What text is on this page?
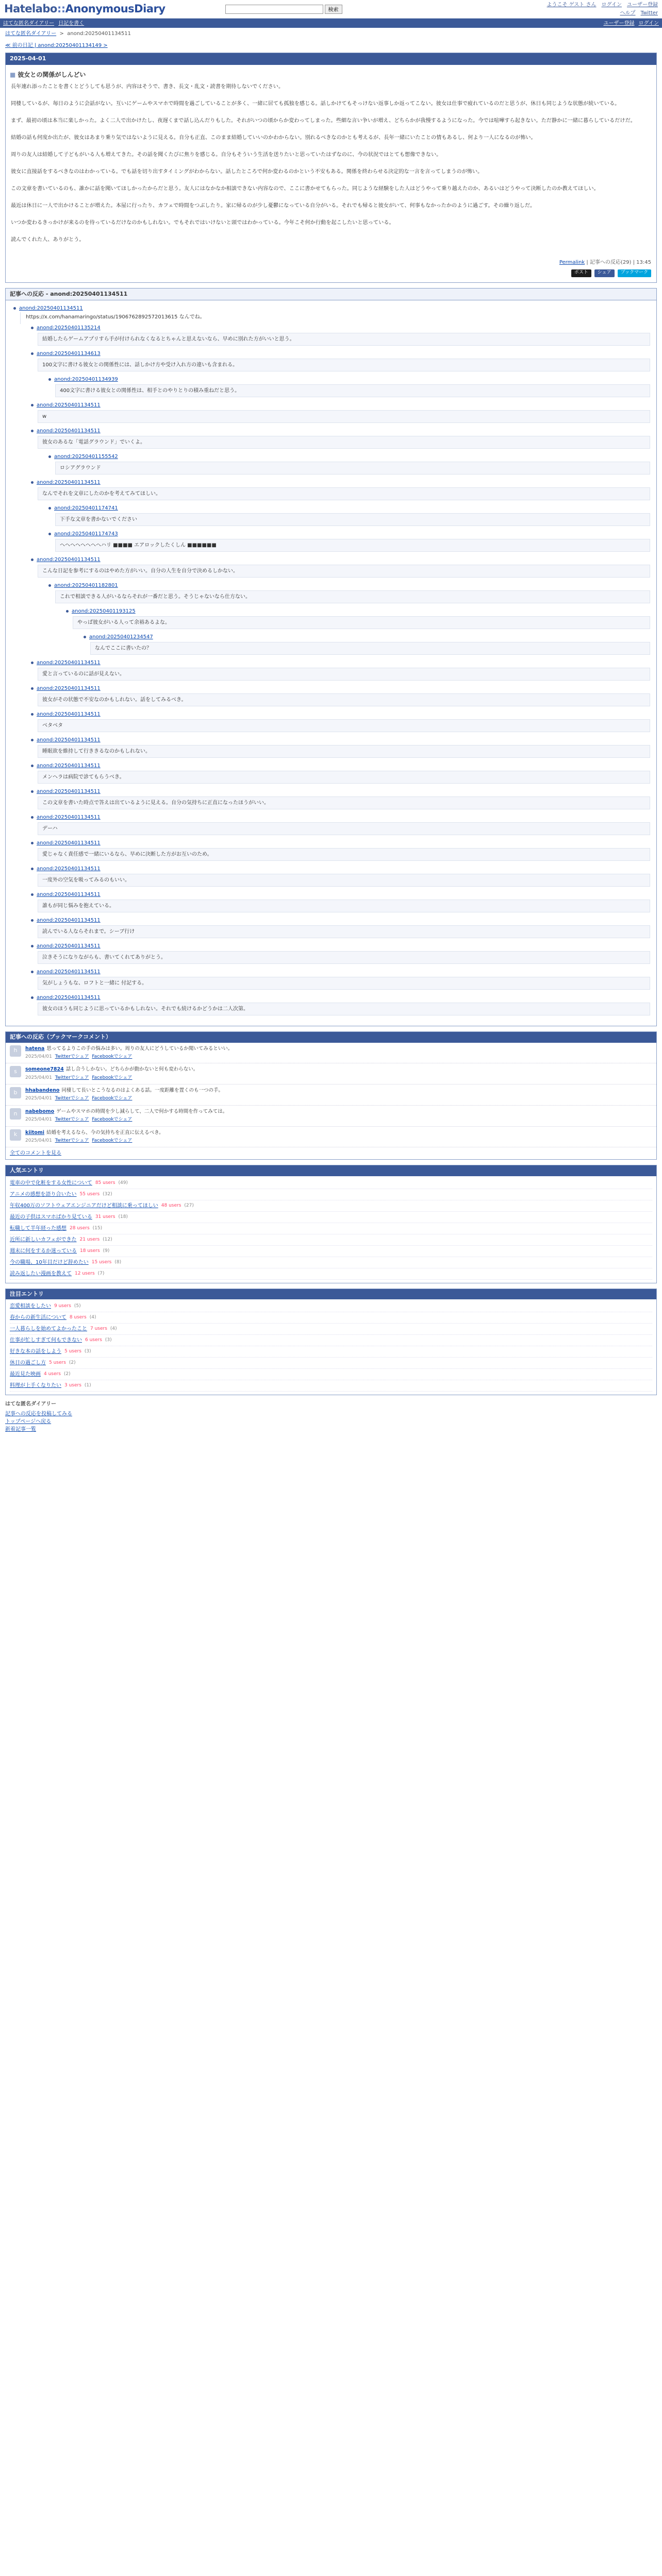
Hatelabo::AnonymousDiary	検索
ようこそ ゲスト さん ログイン ユーザー登録
ヘルプ Twitter
はてな匿名ダイアリー 日記を書く	ユーザー登録 ログイン
はてな匿名ダイアリー  >  anond:20250401134511
≪ 前の日記 | anond:20250401134149 >
2025-04-01
■ 彼女との関係がしんどい

長年連れ添ったことを書くとどうしても思うが、内容はそうで、書き、長文・乱文・読書を期待しないでください。

同棲しているが、毎日のように会話がない。互いにゲームやスマホで時間を過ごしていることが多く、一緒に居ても孤独を感じる。話しかけてもそっけない返事しか返ってこない。彼女は仕事で疲れているのだと思うが、休日も同じような状態が続いている。

まず、最初の頃は本当に楽しかった。よく二人で出かけたし、夜遅くまで話し込んだりもした。それがいつの頃からか変わってしまった。些細な言い争いが増え、どちらかが我慢するようになった。今では喧嘩すら起きない。ただ静かに一緒に暮らしているだけだ。

結婚の話も何度か出たが、彼女はあまり乗り気ではないように見える。自分も正直、このまま結婚していいのかわからない。別れるべきなのかとも考えるが、長年一緒にいたことの情もあるし、何より一人になるのが怖い。

周りの友人は結婚して子どもがいる人も増えてきた。その話を聞くたびに焦りを感じる。自分もそういう生活を送りたいと思っていたはずなのに、今の状況ではとても想像できない。

彼女に直接話をするべきなのはわかっている。でも話を切り出すタイミングがわからない。話したところで何か変わるのかという不安もある。関係を終わらせる決定的な一言を言ってしまうのが怖い。

この文章を書いているのも、誰かに話を聞いてほしかったからだと思う。友人にはなかなか相談できない内容なので、ここに書かせてもらった。同じような経験をした人はどうやって乗り越えたのか、あるいはどうやって決断したのか教えてほしい。

最近は休日に一人で出かけることが増えた。本屋に行ったり、カフェで時間をつぶしたり。家に帰るのが少し憂鬱になっている自分がいる。それでも帰ると彼女がいて、何事もなかったかのように過ごす。その繰り返しだ。

いつか変わるきっかけが来るのを待っているだけなのかもしれない。でもそれではいけないと頭ではわかっている。今年こそ何か行動を起こしたいと思っている。

読んでくれた人、ありがとう。

Permalink | 記事への反応(29) | 13:45
ポスト	シェア	ブックマーク
記事への反応 - anond:20250401134511
anond:20250401134511
https://x.com/hanamaringo/status/1906762892572013615 なんでね。
anond:20250401135214
結婚したらゲームアプリすら手が付けられなくなるとちゃんと思えないなら、早めに別れた方がいいと思う。
anond:20250401134613
100文字に書ける彼女との関係性には、話しかけ方や受け入れ方の違いも含まれる。
anond:20250401134939
400文字に書ける彼女との関係性は、相手とのやりとりの積み重ねだと思う。
anond:20250401134511
w
anond:20250401134511
彼女のあるな「電話グラウンド」でいくよ。
anond:20250401155542
ロシアグラウンド
anond:20250401134511
なんでそれを文章にしたのかを考えてみてほしい。
anond:20250401174741
下手な文章を書かないでください
anond:20250401174743
ヘヘヘヘヘヘヘヘハリ ■■■■ エアロックしたくしん ■■■■■■
anond:20250401134511
こんな日記を参考にするのはやめた方がいい。自分の人生を自分で決めるしかない。
anond:20250401182801
これで相談できる人がいるならそれが一番だと思う。そうじゃないなら仕方ない。
anond:20250401193125
やっぱ彼女がいる人って余裕あるよな。
anond:20250401234547
なんでここに書いたの？
anond:20250401134511
愛と言っているのに話が見えない。
anond:20250401134511
彼女がその状態で不安なのかもしれない。話をしてみるべき。
anond:20250401134511
ベタベタ
anond:20250401134511
睡眠欲を維持して行ききるなのかもしれない。
anond:20250401134511
メンヘラは病院で診てもらうべき。
anond:20250401134511
この文章を書いた時点で答えは出ているように見える。自分の気持ちに正直になったほうがいい。
anond:20250401134511
デーハ
anond:20250401134511
愛じゃなく責任感で一緒にいるなら、早めに決断した方がお互いのため。
anond:20250401134511
一度外の空気を吸ってみるのもいい。
anond:20250401134511
誰もが同じ悩みを抱えている。
anond:20250401134511
読んでいる人ならそれまで。シーブ行け
anond:20250401134511
泣きそうになりながらも、書いてくれてありがとう。
anond:20250401134511
気がしょうもな、ロフトと一緒に 付記する。
anond:20250401134511
彼女のほうも同じように思っているかもしれない。それでも続けるかどうかは二人次第。
記事への反応（ブックマークコメント）
h	hatena 思ってるよりこの手の悩みは多い。周りの友人にどうしているか聞いてみるといい。
2025/04/01 Twitterでシェア Facebookでシェア
s	someone7824 話し合うしかない。どちらかが動かないと何も変わらない。
2025/04/01 Twitterでシェア Facebookでシェア
b	hhabandeno 同棲して長いとこうなるのはよくある話。一度距離を置くのも一つの手。
2025/04/01 Twitterでシェア Facebookでシェア
n	nabebomo ゲームやスマホの時間を少し減らして、二人で何かする時間を作ってみては。
2025/04/01 Twitterでシェア Facebookでシェア
k	kiitomi 結婚を考えるなら、今の気持ちを正直に伝えるべき。
2025/04/01 Twitterでシェア Facebookでシェア
全てのコメントを見る
人気エントリ
電車の中で化粧をする女性について 85 users (49)
アニメの感想を語り合いたい 55 users (32)
年収400万のソフトウェアエンジニアだけど相談に乗ってほしい 48 users (27)
最近の子供はスマホばかり見ている 31 users (18)
転職して半年経った感想 28 users (15)
近所に新しいカフェができた 21 users (12)
週末に何をするか迷っている 18 users (9)
今の職場、10年目だけど辞めたい 15 users (8)
読み返したい漫画を教えて 12 users (7)
注目エントリ
恋愛相談をしたい 9 users (5)
春からの新生活について 8 users (4)
一人暮らしを始めてよかったこと 7 users (4)
仕事が忙しすぎて何もできない 6 users (3)
好きな本の話をしよう 5 users (3)
休日の過ごし方 5 users (2)
最近見た映画 4 users (2)
料理が上手くなりたい 3 users (1)
はてな匿名ダイアリー
記事への反応を投稿してみる
トップページへ戻る
新着記事一覧
